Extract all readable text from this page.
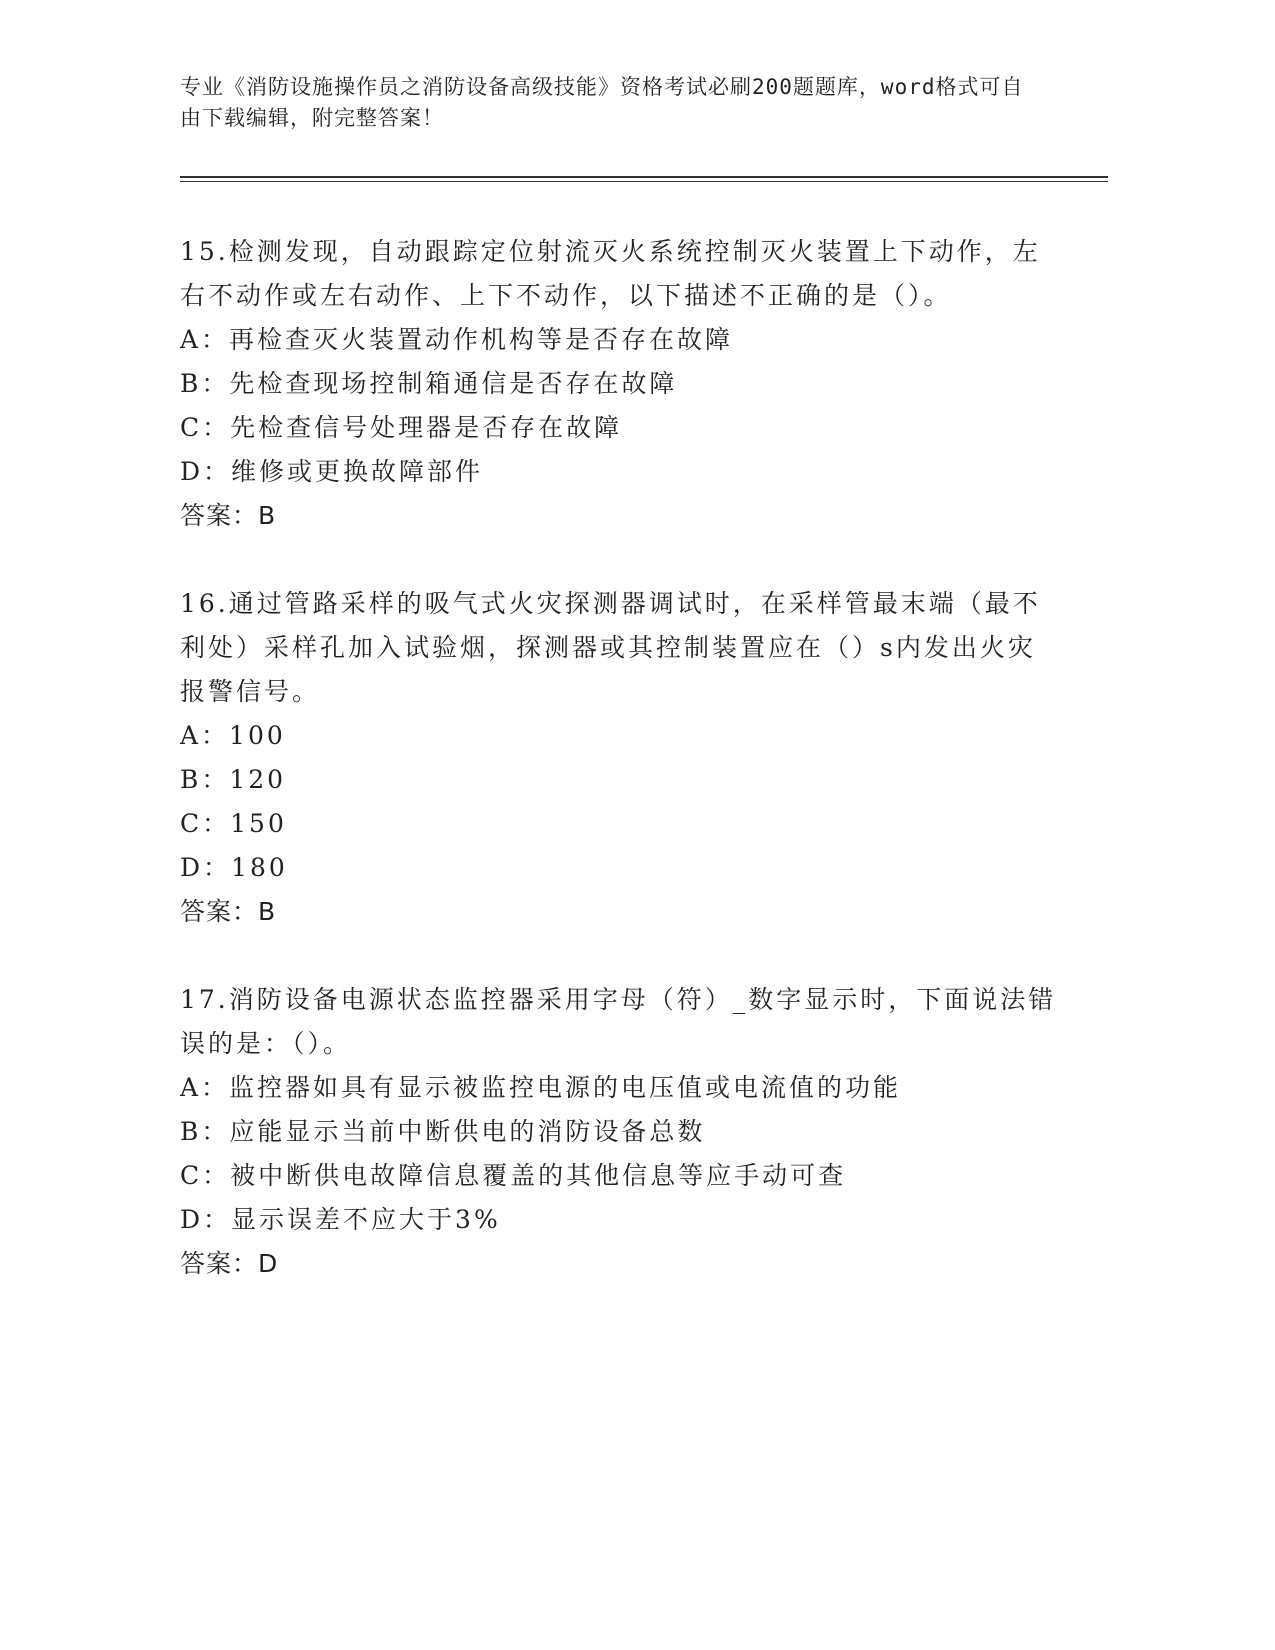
专业《消防设施操作员之消防设备高级技能》资格考试必刷200题题库，word格式可自由下载编辑，附完整答案！

15.检测发现，自动跟踪定位射流灭火系统控制灭火装置上下动作，左右不动作或左右动作、上下不动作，以下描述不正确的是（）。

A：再检查灭火装置动作机构等是否存在故障

B：先检查现场控制箱通信是否存在故障

C：先检查信号处理器是否存在故障

D：维修或更换故障部件

答案：B

16.通过管路采样的吸气式火灾探测器调试时，在采样管最末端（最不利处）采样孔加入试验烟，探测器或其控制装置应在（）s内发出火灾报警信号。

A：100

B：120

C：150

D：180

答案：B

17.消防设备电源状态监控器采用字母（符）_数字显示时，下面说法错误的是：（）。

A：监控器如具有显示被监控电源的电压值或电流值的功能

B：应能显示当前中断供电的消防设备总数

C：被中断供电故障信息覆盖的其他信息等应手动可查

D：显示误差不应大于3%

答案：D
